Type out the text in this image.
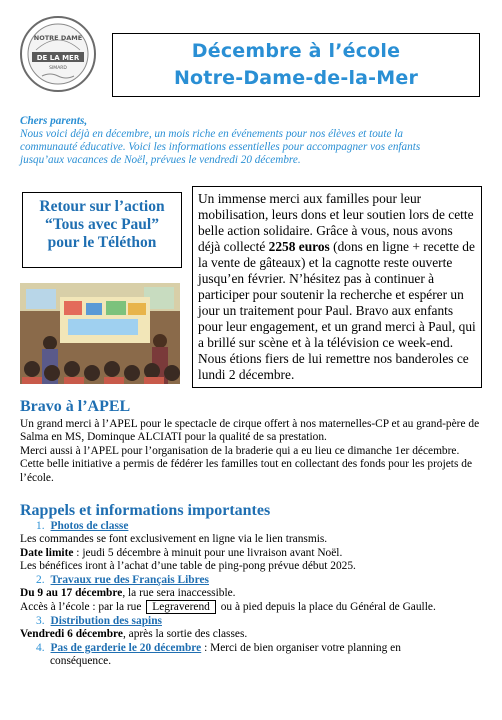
NOTRE DAME
DE LA MER
SIMARD
Décembre à l’école
Notre-Dame-de-la-Mer
Chers parents,
Nous voici déjà en décembre, un mois riche en événements pour nos élèves et toute la
communauté éducative. Voici les informations essentielles pour accompagner vos enfants
jusqu’aux vacances de Noël, prévues le vendredi 20 décembre.
Retour sur l’action
“Tous avec Paul”
pour le Téléthon
Un immense merci aux familles pour leur mobilisation, leurs dons et leur soutien lors de cette belle action solidaire. Grâce à vous, nous avons déjà collecté 2258 euros (dons en ligne + recette de la vente de gâteaux) et la cagnotte reste ouverte jusqu’en février. N’hésitez pas à continuer à participer pour soutenir la recherche et espérer un jour un traitement pour Paul. Bravo aux enfants pour leur engagement, et un grand merci à Paul, qui a brillé sur scène et à la télévision ce week-end. Nous étions fiers de lui remettre nos banderoles ce lundi 2 décembre.
Bravo à l’APEL
Un grand merci à l’APEL pour le spectacle de cirque offert à nos maternelles-CP et au grand-père de Salma en MS, Dominque ALCIATI pour la qualité de sa prestation.
Merci aussi à l’APEL pour l’organisation de la braderie qui a eu lieu ce dimanche 1er décembre. Cette belle initiative a permis de fédérer les familles tout en collectant des fonds pour les projets de l’école.
Rappels et informations importantes
1. Photos de classe
Les commandes se font exclusivement en ligne via le lien transmis.
Date limite : jeudi 5 décembre à minuit pour une livraison avant Noël.
Les bénéfices iront à l’achat d’une table de ping-pong prévue début 2025.
2. Travaux rue des Français Libres
Du 9 au 17 décembre, la rue sera inaccessible.
Accès à l’école : par la rue Legraverend ou à pied depuis la place du Général de Gaulle.
3. Distribution des sapins
Vendredi 6 décembre, après la sortie des classes.
4. Pas de garderie le 20 décembre : Merci de bien organiser votre planning en
conséquence.
